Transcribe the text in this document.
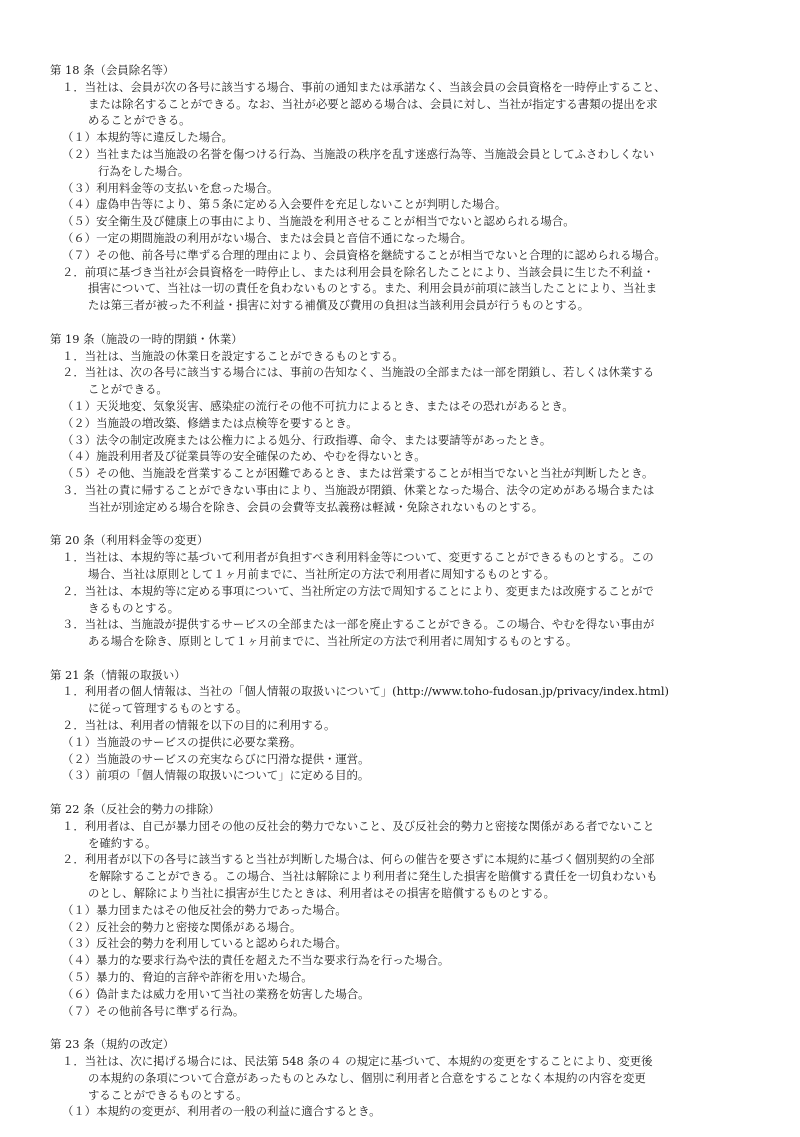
第 18 条（会員除名等）
１．当社は、会員が次の各号に該当する場合、事前の通知または承諾なく、当該会員の会員資格を一時停止すること、
または除名することができる。なお、当社が必要と認める場合は、会員に対し、当社が指定する書類の提出を求
めることができる。
（１）本規約等に違反した場合。
（２）当社または当施設の名誉を傷つける行為、当施設の秩序を乱す迷惑行為等、当施設会員としてふさわしくない
行為をした場合。
（３）利用料金等の支払いを怠った場合。
（４）虚偽申告等により、第５条に定める入会要件を充足しないことが判明した場合。
（５）安全衛生及び健康上の事由により、当施設を利用させることが相当でないと認められる場合。
（６）一定の期間施設の利用がない場合、または会員と音信不通になった場合。
（７）その他、前各号に準ずる合理的理由により、会員資格を継続することが相当でないと合理的に認められる場合。
２．前項に基づき当社が会員資格を一時停止し、または利用会員を除名したことにより、当該会員に生じた不利益・
損害について、当社は一切の責任を負わないものとする。また、利用会員が前項に該当したことにより、当社ま
たは第三者が被った不利益・損害に対する補償及び費用の負担は当該利用会員が行うものとする。
第 19 条（施設の一時的閉鎖・休業）
１．当社は、当施設の休業日を設定することができるものとする。
２．当社は、次の各号に該当する場合には、事前の告知なく、当施設の全部または一部を閉鎖し、若しくは休業する
ことができる。
（１）天災地変、気象災害、感染症の流行その他不可抗力によるとき、またはその恐れがあるとき。
（２）当施設の増改築、修繕または点検等を要するとき。
（３）法令の制定改廃または公権力による処分、行政指導、命令、または要請等があったとき。
（４）施設利用者及び従業員等の安全確保のため、やむを得ないとき。
（５）その他、当施設を営業することが困難であるとき、または営業することが相当でないと当社が判断したとき。
３．当社の責に帰することができない事由により、当施設が閉鎖、休業となった場合、法令の定めがある場合または
当社が別途定める場合を除き、会員の会費等支払義務は軽減・免除されないものとする。
第 20 条（利用料金等の変更）
１．当社は、本規約等に基づいて利用者が負担すべき利用料金等について、変更することができるものとする。この
場合、当社は原則として１ヶ月前までに、当社所定の方法で利用者に周知するものとする。
２．当社は、本規約等に定める事項について、当社所定の方法で周知することにより、変更または改廃することがで
きるものとする。
３．当社は、当施設が提供するサービスの全部または一部を廃止することができる。この場合、やむを得ない事由が
ある場合を除き、原則として１ヶ月前までに、当社所定の方法で利用者に周知するものとする。
第 21 条（情報の取扱い）
１．利用者の個人情報は、当社の「個人情報の取扱いについて」(http://www.toho-fudosan.jp/privacy/index.html)
に従って管理するものとする。
２．当社は、利用者の情報を以下の目的に利用する。
（１）当施設のサービスの提供に必要な業務。
（２）当施設のサービスの充実ならびに円滑な提供・運営。
（３）前項の「個人情報の取扱いについて」に定める目的。
第 22 条（反社会的勢力の排除）
１．利用者は、自己が暴力団その他の反社会的勢力でないこと、及び反社会的勢力と密接な関係がある者でないこと
を確約する。
２．利用者が以下の各号に該当すると当社が判断した場合は、何らの催告を要さずに本規約に基づく個別契約の全部
を解除することができる。この場合、当社は解除により利用者に発生した損害を賠償する責任を一切負わないも
のとし、解除により当社に損害が生じたときは、利用者はその損害を賠償するものとする。
（１）暴力団またはその他反社会的勢力であった場合。
（２）反社会的勢力と密接な関係がある場合。
（３）反社会的勢力を利用していると認められた場合。
（４）暴力的な要求行為や法的責任を超えた不当な要求行為を行った場合。
（５）暴力的、脅迫的言辞や詐術を用いた場合。
（６）偽計または威力を用いて当社の業務を妨害した場合。
（７）その他前各号に準ずる行為。
第 23 条（規約の改定）
１．当社は、次に掲げる場合には、民法第 548 条の４ の規定に基づいて、本規約の変更をすることにより、変更後
の本規約の条項について合意があったものとみなし、個別に利用者と合意をすることなく本規約の内容を変更
することができるものとする。
（１）本規約の変更が、利用者の一般の利益に適合するとき。
